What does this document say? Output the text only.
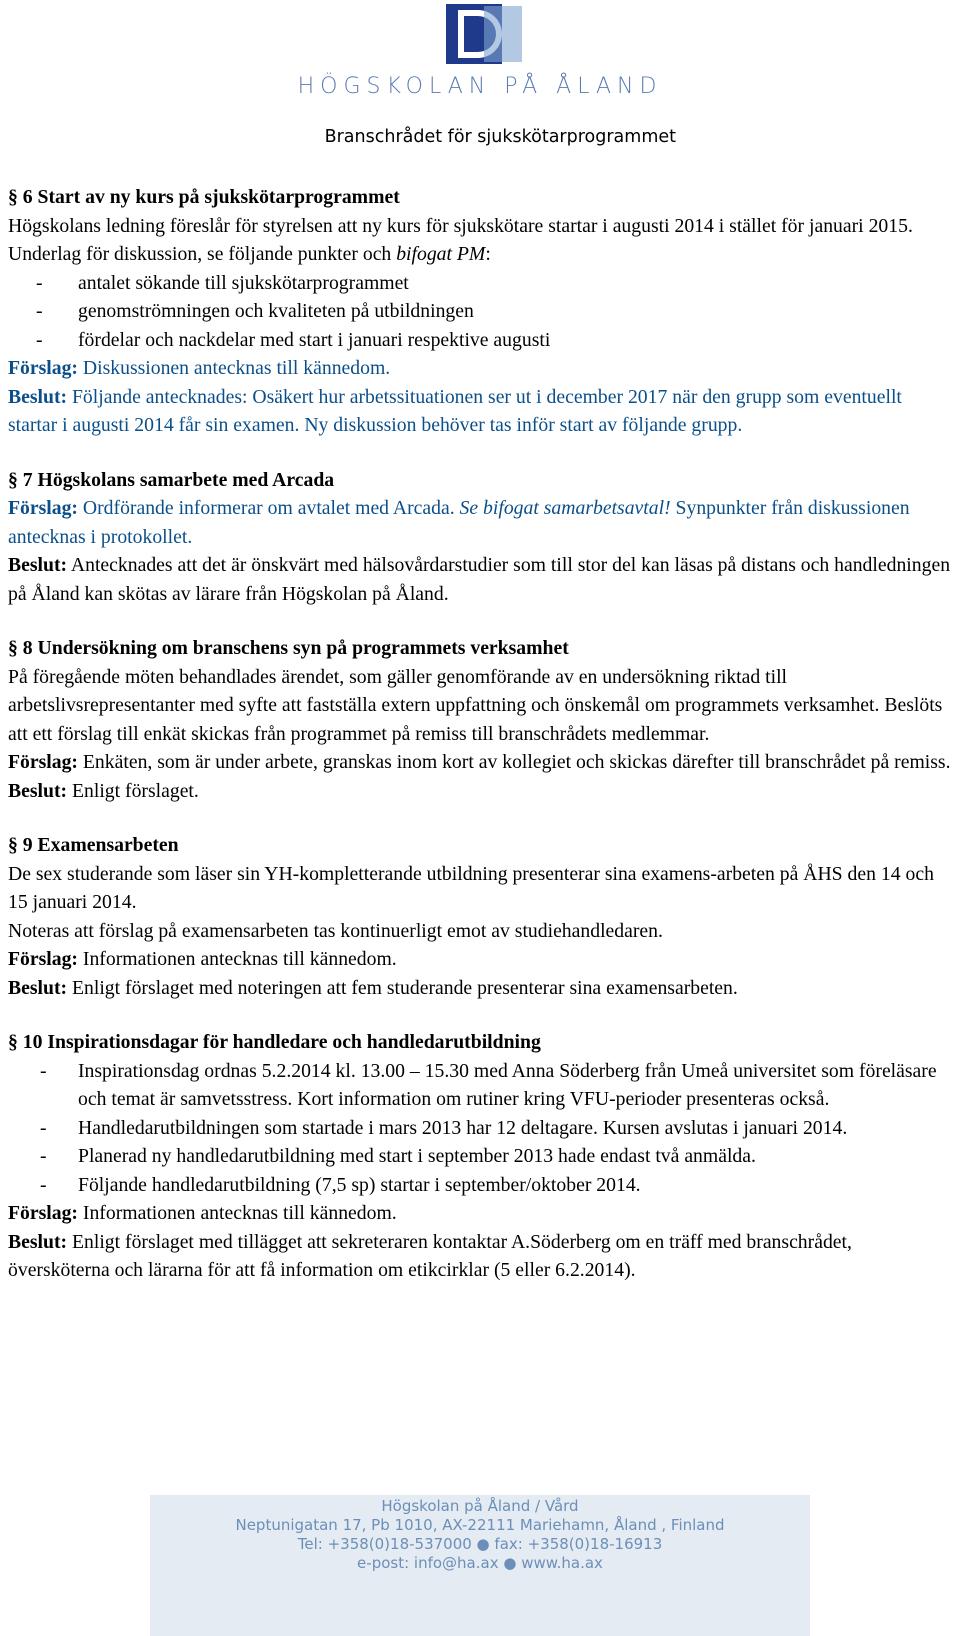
HÖGSKOLAN PÅ ÅLAND
Branschrådet för sjukskötarprogrammet
§ 6 Start av ny kurs på sjukskötarprogrammet

Högskolans ledning föreslår för styrelsen att ny kurs för sjukskötare startar i augusti 2014 i stället för januari 2015. Underlag för diskussion, se följande punkter och bifogat PM:

- antalet sökande till sjukskötarprogrammet
- genomströmningen och kvaliteten på utbildningen
- fördelar och nackdelar med start i januari respektive augusti

Förslag: Diskussionen antecknas till kännedom.

Beslut: Följande antecknades: Osäkert hur arbetssituationen ser ut i december 2017 när den grupp som eventuellt startar i augusti 2014 får sin examen. Ny diskussion behöver tas inför start av följande grupp.

§ 7 Högskolans samarbete med Arcada

Förslag: Ordförande informerar om avtalet med Arcada. Se bifogat samarbetsavtal! Synpunkter från diskussionen antecknas i protokollet.

Beslut: Antecknades att det är önskvärt med hälsovårdarstudier som till stor del kan läsas på distans och handledningen på Åland kan skötas av lärare från Högskolan på Åland.

§ 8 Undersökning om branschens syn på programmets verksamhet

På föregående möten behandlades ärendet, som gäller genomförande av en undersökning riktad till arbetslivsrepresentanter med syfte att fastställa extern uppfattning och önskemål om programmets verksamhet. Beslöts att ett förslag till enkät skickas från programmet på remiss till branschrådets medlemmar.

Förslag: Enkäten, som är under arbete, granskas inom kort av kollegiet och skickas därefter till branschrådet på remiss.

Beslut: Enligt förslaget.

§ 9 Examensarbeten

De sex studerande som läser sin YH-kompletterande utbildning presenterar sina examens-arbeten på ÅHS den 14 och 15 januari 2014.

Noteras att förslag på examensarbeten tas kontinuerligt emot av studiehandledaren.

Förslag: Informationen antecknas till kännedom.

Beslut: Enligt förslaget med noteringen att fem studerande presenterar sina examensarbeten.

§ 10 Inspirationsdagar för handledare och handledarutbildning
- Inspirationsdag ordnas 5.2.2014 kl. 13.00 – 15.30 med Anna Söderberg från Umeå universitet som föreläsare och temat är samvetsstress. Kort information om rutiner kring VFU-perioder presenteras också.
- Handledarutbildningen som startade i mars 2013 har 12 deltagare. Kursen avslutas i januari 2014.
- Planerad ny handledarutbildning med start i september 2013 hade endast två anmälda.
- Följande handledarutbildning (7,5 sp) startar i september/oktober 2014.

Förslag: Informationen antecknas till kännedom.

Beslut: Enligt förslaget med tillägget att sekreteraren kontaktar A.Söderberg om en träff med branschrådet, översköterna och lärarna för att få information om etikcirklar (5 eller 6.2.2014).

Högskolan på Åland / Vård
Neptunigatan 17, Pb 1010, AX-22111 Mariehamn, Åland , Finland
Tel: +358(0)18-537000 ● fax: +358(0)18-16913
e-post: info@ha.ax ● www.ha.ax
